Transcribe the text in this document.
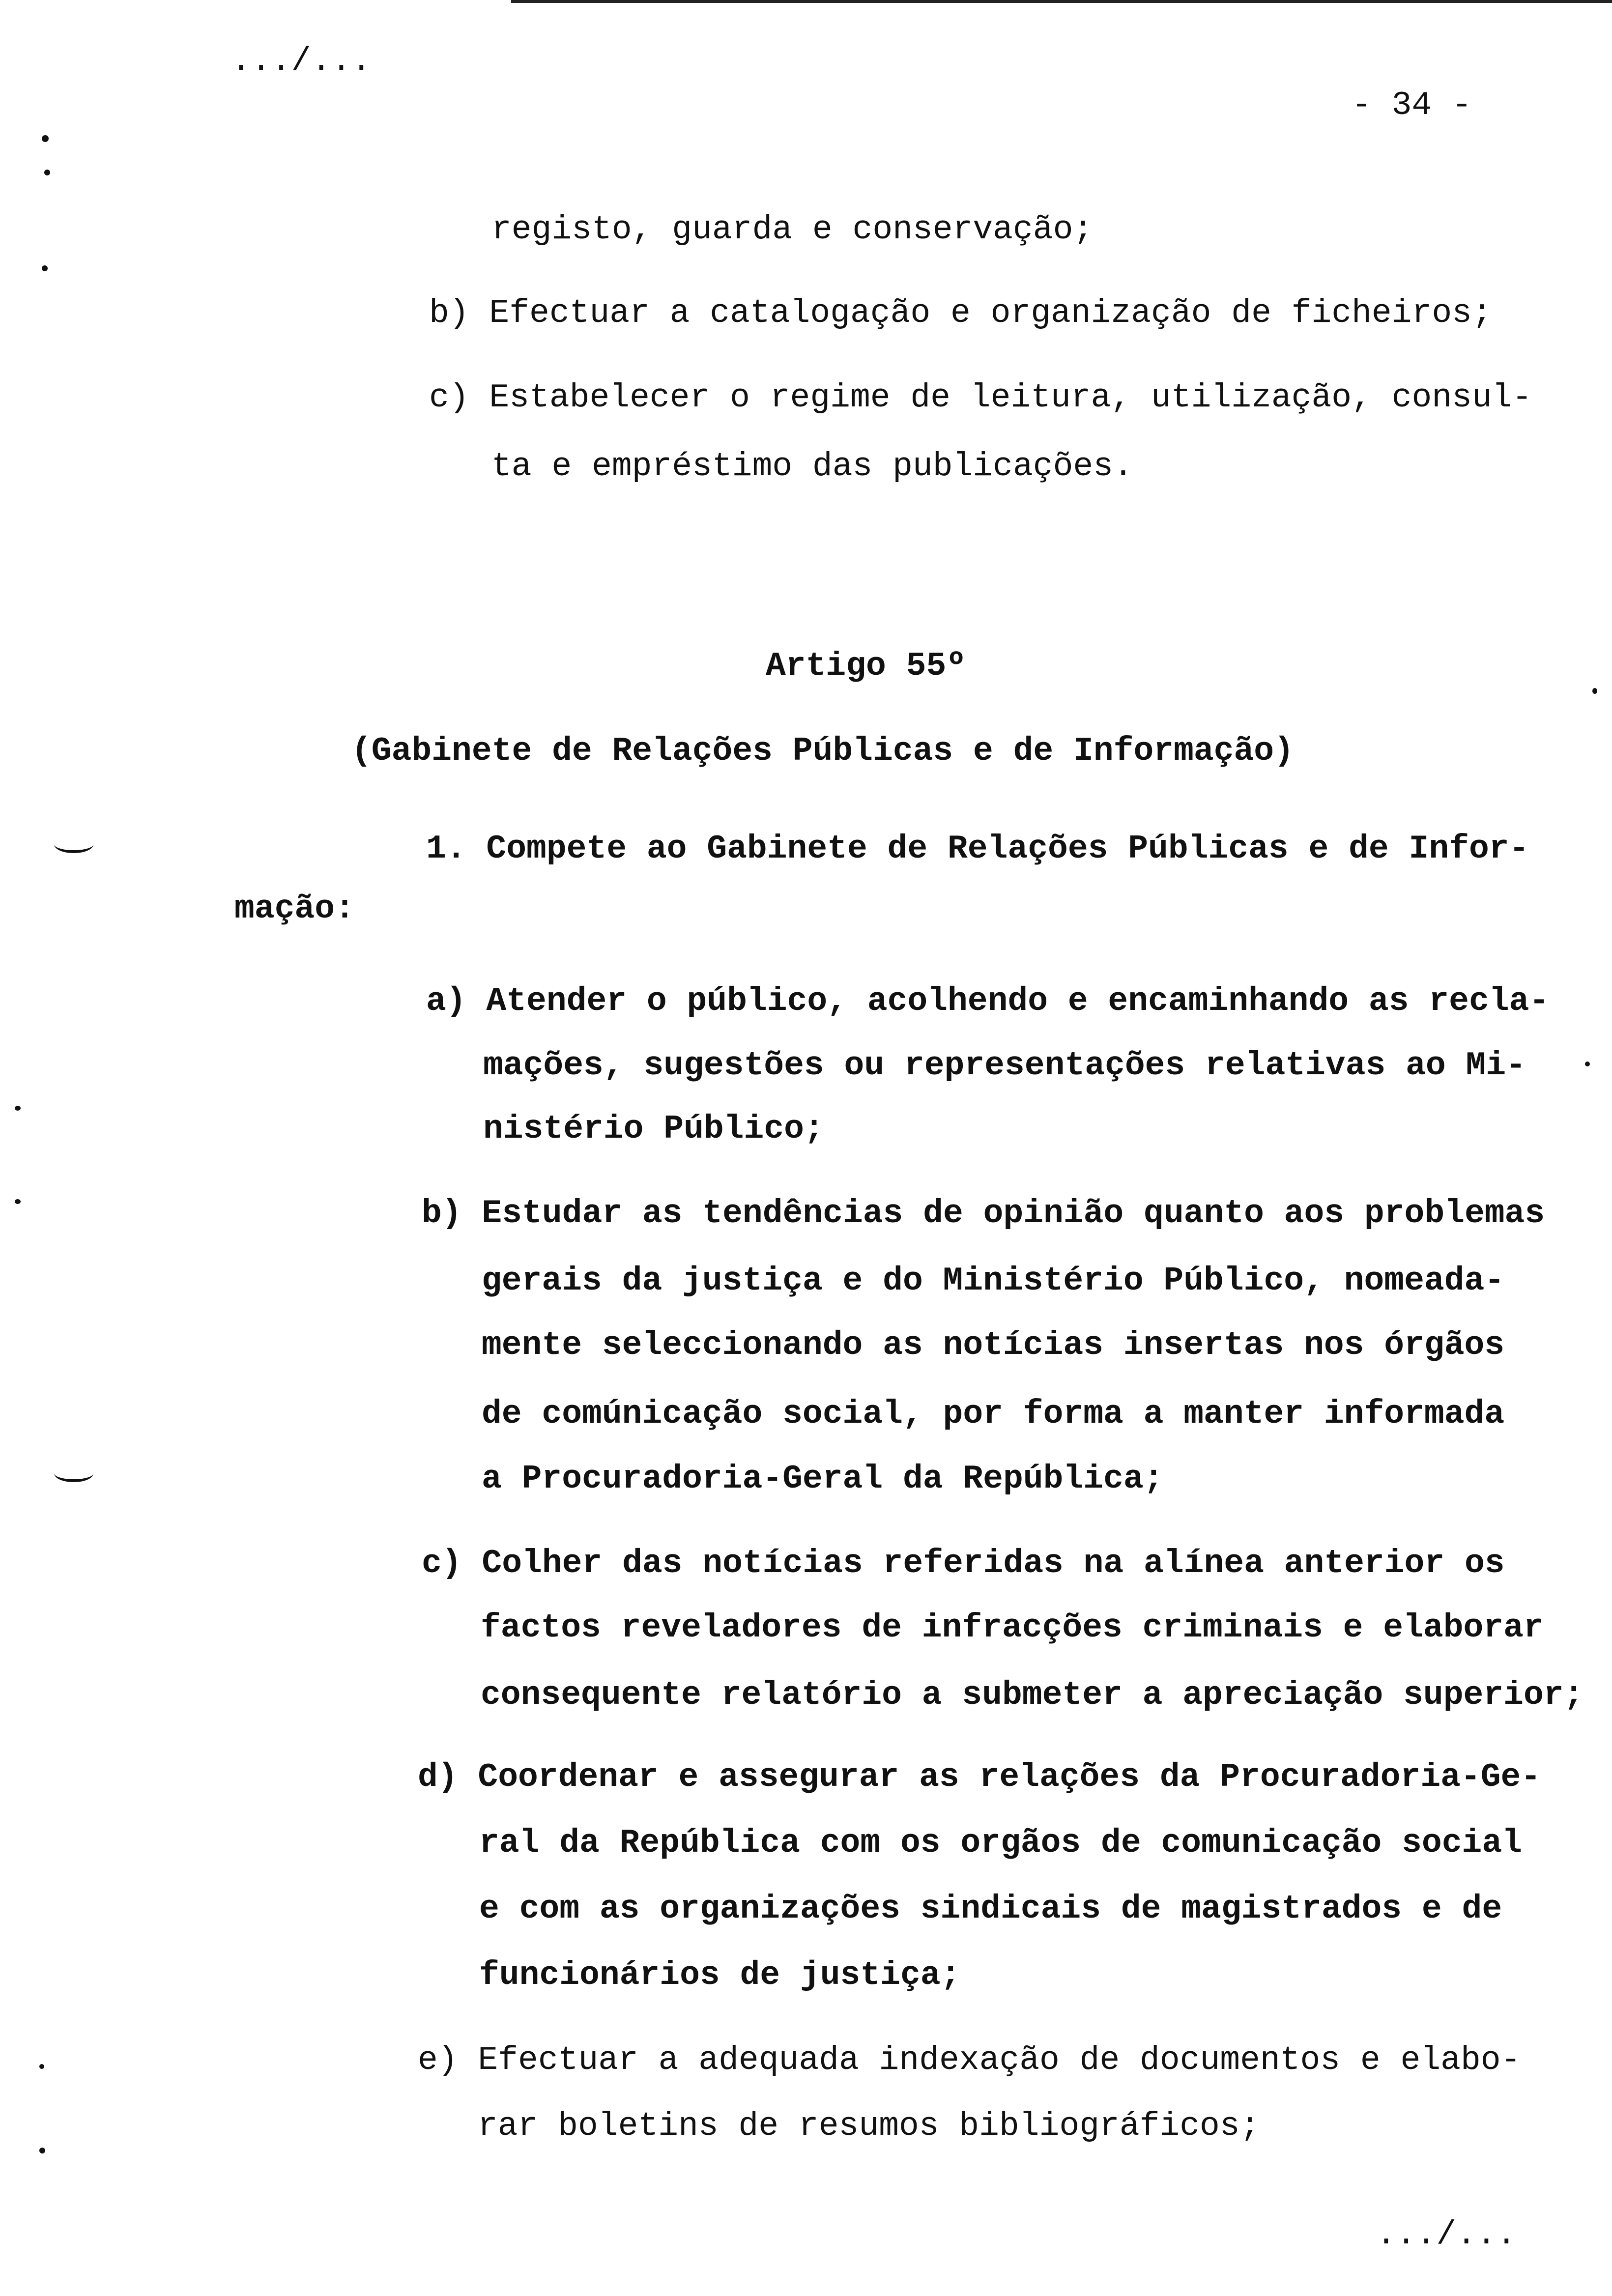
.../...
- 34 -
registo, guarda e conservação;
b) Efectuar a catalogação e organização de ficheiros;
c) Estabelecer o regime de leitura, utilização, consul-
ta e empréstimo das publicações.
Artigo 55º
(Gabinete de Relações Públicas e de Informação)
1. Compete ao Gabinete de Relações Públicas e de Infor-
mação:
a) Atender o público, acolhendo e encaminhando as recla-
mações, sugestões ou representações relativas ao Mi-
nistério Público;
b) Estudar as tendências de opinião quanto aos problemas
gerais da justiça e do Ministério Público, nomeada-
mente seleccionando as notícias insertas nos órgãos
de comúnicação social, por forma a manter informada
a Procuradoria-Geral da República;
c) Colher das notícias referidas na alínea anterior os
factos reveladores de infracções criminais e elaborar
consequente relatório a submeter a apreciação superior;
d) Coordenar e assegurar as relações da Procuradoria-Ge-
ral da República com os orgãos de comunicação social
e com as organizações sindicais de magistrados e de
funcionários de justiça;
e) Efectuar a adequada indexação de documentos e elabo-
rar boletins de resumos bibliográficos;
.../...
